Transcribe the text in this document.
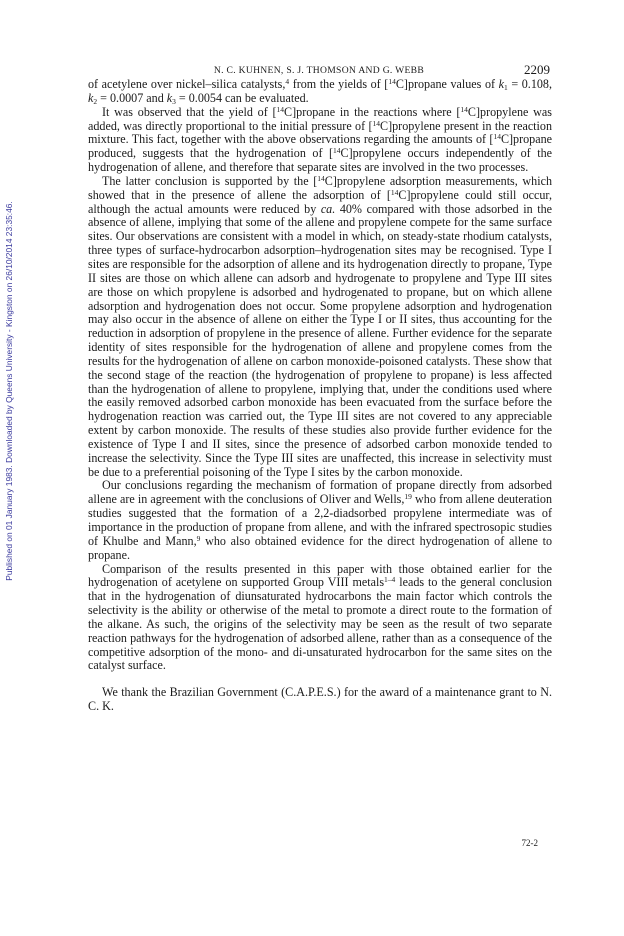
Published on 01 January 1983. Downloaded by Queens University - Kingston on 26/10/2014 23:35:46.
N. C. KUHNEN, S. J. THOMSON AND G. WEBB	2209

of acetylene over nickel–silica catalysts,$^4$ from the yields of [$^{14}$C]propane values of $k_1 = 0.108$, $k_2 = 0.0007$ and $k_3 = 0.0054$ can be evaluated.

It was observed that the yield of [$^{14}$C]propane in the reactions where [$^{14}$C]propylene was added, was directly proportional to the initial pressure of [$^{14}$C]propylene present in the reaction mixture. This fact, together with the above observations regarding the amounts of [$^{14}$C]propane produced, suggests that the hydrogenation of [$^{14}$C]propylene occurs independently of the hydrogenation of allene, and therefore that separate sites are involved in the two processes.

The latter conclusion is supported by the [$^{14}$C]propylene adsorption measurements, which showed that in the presence of allene the adsorption of [$^{14}$C]propylene could still occur, although the actual amounts were reduced by ca. 40% compared with those adsorbed in the absence of allene, implying that some of the allene and propylene compete for the same surface sites. Our observations are consistent with a model in which, on steady-state rhodium catalysts, three types of surface-hydrocarbon adsorption–hydrogenation sites may be recognised. Type I sites are responsible for the adsorption of allene and its hydrogenation directly to propane, Type II sites are those on which allene can adsorb and hydrogenate to propylene and Type III sites are those on which propylene is adsorbed and hydrogenated to propane, but on which allene adsorption and hydrogenation does not occur. Some propylene adsorption and hydrogenation may also occur in the absence of allene on either the Type I or II sites, thus accounting for the reduction in adsorption of propylene in the presence of allene. Further evidence for the separate identity of sites responsible for the hydrogenation of allene and propylene comes from the results for the hydrogenation of allene on carbon monoxide-poisoned catalysts. These show that the second stage of the reaction (the hydrogenation of propylene to propane) is less affected than the hydrogenation of allene to propylene, implying that, under the conditions used where the easily removed adsorbed carbon monoxide has been evacuated from the surface before the hydrogenation reaction was carried out, the Type III sites are not covered to any appreciable extent by carbon monoxide. The results of these studies also provide further evidence for the existence of Type I and II sites, since the presence of adsorbed carbon monoxide tended to increase the selectivity. Since the Type III sites are unaffected, this increase in selectivity must be due to a preferential poisoning of the Type I sites by the carbon monoxide.

Our conclusions regarding the mechanism of formation of propane directly from adsorbed allene are in agreement with the conclusions of Oliver and Wells,$^{19}$ who from allene deuteration studies suggested that the formation of a 2,2-diadsorbed propylene intermediate was of importance in the production of propane from allene, and with the infrared spectrosopic studies of Khulbe and Mann,$^9$ who also obtained evidence for the direct hydrogenation of allene to propane.

Comparison of the results presented in this paper with those obtained earlier for the hydrogenation of acetylene on supported Group VIII metals$^{1-4}$ leads to the general conclusion that in the hydrogenation of diunsaturated hydrocarbons the main factor which controls the selectivity is the ability or otherwise of the metal to promote a direct route to the formation of the alkane. As such, the origins of the selectivity may be seen as the result of two separate reaction pathways for the hydrogenation of adsorbed allene, rather than as a consequence of the competitive adsorption of the mono- and di-unsaturated hydrocarbon for the same sites on the catalyst surface.

We thank the Brazilian Government (C.A.P.E.S.) for the award of a maintenance grant to N. C. K.

72-2
